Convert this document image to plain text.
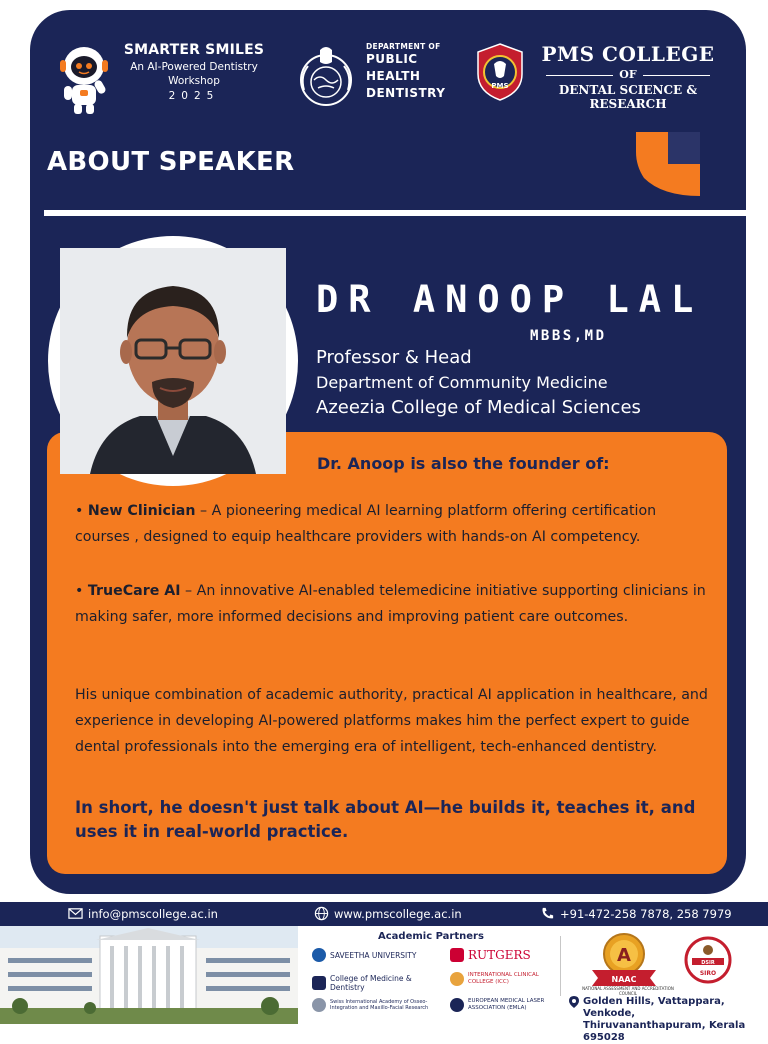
SMARTER SMILES
An AI-Powered Dentistry Workshop
2025
DEPARTMENT OF
PUBLIC
HEALTH
DENTISTRY	PMS
PMS COLLEGE
OF
DENTAL SCIENCE & RESEARCH
ABOUT SPEAKER
DR ANOOP LAL
MBBS,MD
Professor & Head
Department of Community Medicine
Azeezia College of Medical Sciences
Dr. Anoop is also the founder of:
• New Clinician – A pioneering medical AI learning platform offering certification courses , designed to equip healthcare providers with hands-on AI competency.
• TrueCare AI – An innovative AI-enabled telemedicine initiative supporting clinicians in making safer, more informed decisions and improving patient care outcomes.
His unique combination of academic authority, practical AI application in healthcare, and experience in developing AI-powered platforms makes him the perfect expert to guide dental professionals into the emerging era of intelligent, tech-enhanced dentistry.
In short, he doesn't just talk about AI—he builds it, teaches it, and uses it in real-world practice.
info@pmscollege.ac.in	www.pmscollege.ac.in	+91-472-258 7878, 258 7979
Academic Partners
SAVEETHA UNIVERSITY
College of Medicine & Dentistry
Swiss International Academy of Osseo-Integration and Maxillo-Facial Research
RUTGERS
INTERNATIONAL CLINICAL COLLEGE (ICC)
EUROPEAN MEDICAL LASER ASSOCIATION (EMLA)
A
NAAC
NATIONAL ASSESSMENT AND ACCREDITATION COUNCIL
DSIR
SIRO
Golden Hills, Vattappara, Venkode,
Thiruvananthapuram, Kerala 695028
